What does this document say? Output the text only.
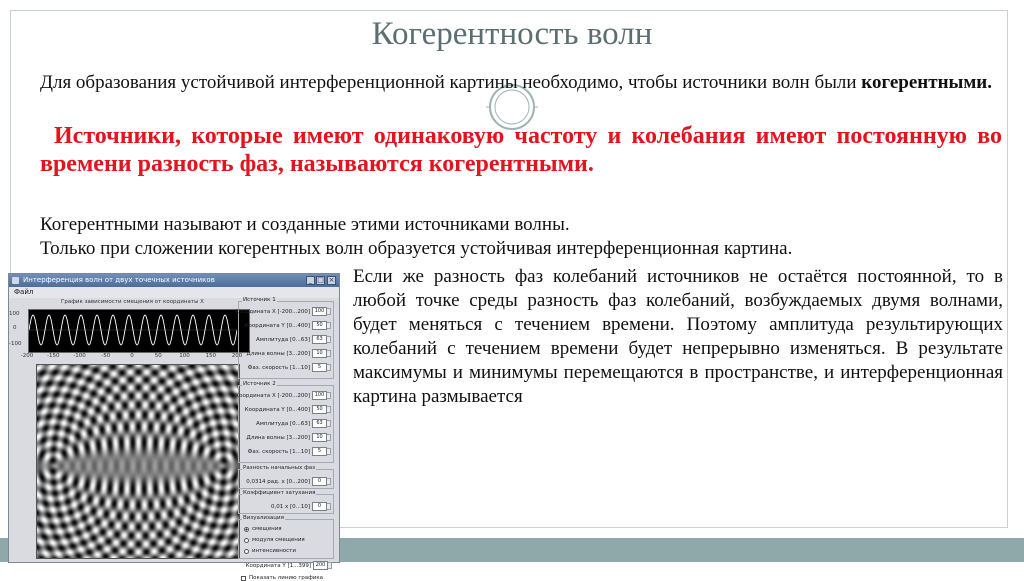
Когерентность волн
Для образования устойчивой интерференционной картины необходимо, чтобы источники волн были когерентными.
Источники, которые имеют одинаковую частоту и колебания имеют постоянную во времени разность фаз, называются когерентными.
Когерентными называют и созданные этими источниками волны.
Только при сложении когерентных волн образуется устойчивая интерференционная картина.
Если же разность фаз колебаний источников не остаётся постоянной, то в любой точке среды разность фаз колебаний, возбуждаемых двумя волнами, будет меняться с течением времени. Поэтому амплитуда результирующих колебаний с течением времени будет непрерывно изменяться. В результате максимумы и минимумы перемещаются в пространстве, и интерференционная картина размывается
Интерференция волн от двух точечных источников	_ □ ×
Файл
График зависимости смещения от координаты X
100
0
-100
-200	-150	-100	-50	0	50	100	150	200
Источник 1
Координата X [-200...200] 100
Координата Y [0...400]	50
Амплитуда [0...63]	63
Длина волны [3...200]	10
Фаз. скорость [1...10]	5
Источник 2
Координата X [-200...200] 100
Координата Y [0...400]	50
Амплитуда [0...63]	63
Длина волны [3...200]	10
Фаз. скорость [1...10]	5
Разность начальных фаз
0,0314 рад. x [0...200]	0
Коэффициент затухания
0,01 x [0...10]	0
Визуализация
смещения
модуля смещения
интенсивности
Координата Y [1...399] 200
Показать линию графика
